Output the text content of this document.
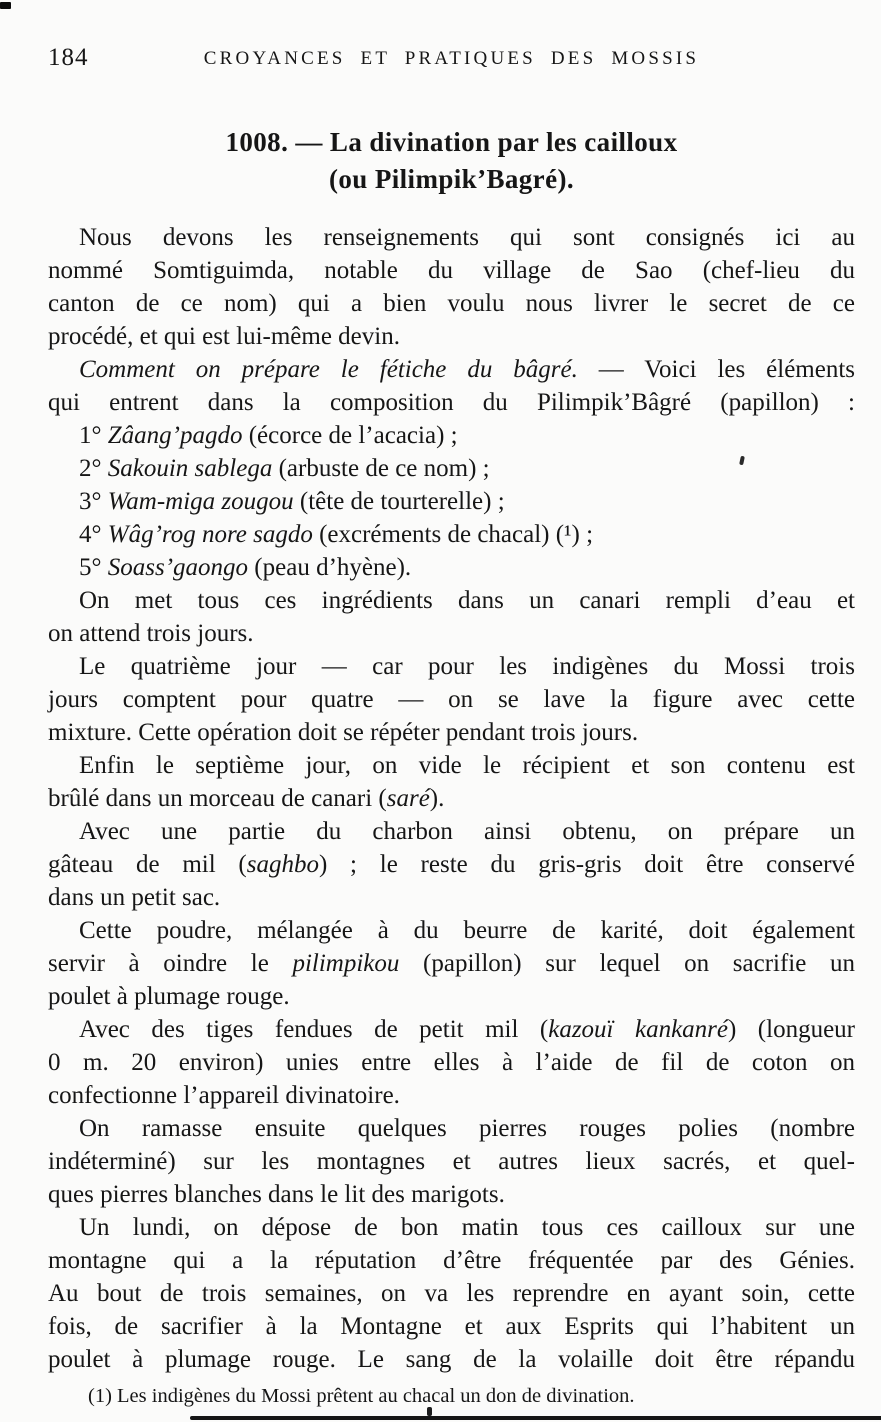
184	CROYANCES ET PRATIQUES DES MOSSIS
1008. — La divination par les cailloux
(ou Pilimpik’Bagré).
Nous devons les renseignements qui sont consignés ici au
nommé Somtiguimda, notable du village de Sao (chef-lieu du
canton de ce nom) qui a bien voulu nous livrer le secret de ce
procédé, et qui est lui-même devin.
Comment on prépare le fétiche du bâgré. — Voici les éléments
qui entrent dans la composition du Pilimpik’Bâgré (papillon) :
1° Zâang’pagdo (écorce de l’acacia) ;
2° Sakouin sablega (arbuste de ce nom) ;
3° Wam-miga zougou (tête de tourterelle) ;
4° Wâg’rog nore sagdo (excréments de chacal) (¹) ;
5° Soass’gaongo (peau d’hyène).
On met tous ces ingrédients dans un canari rempli d’eau et
on attend trois jours.
Le quatrième jour — car pour les indigènes du Mossi trois
jours comptent pour quatre — on se lave la figure avec cette
mixture. Cette opération doit se répéter pendant trois jours.
Enfin le septième jour, on vide le récipient et son contenu est
brûlé dans un morceau de canari (saré).
Avec une partie du charbon ainsi obtenu, on prépare un
gâteau de mil (saghbo) ; le reste du gris-gris doit être conservé
dans un petit sac.
Cette poudre, mélangée à du beurre de karité, doit également
servir à oindre le pilimpikou (papillon) sur lequel on sacrifie un
poulet à plumage rouge.
Avec des tiges fendues de petit mil (kazouï kankanré) (longueur
0 m. 20 environ) unies entre elles à l’aide de fil de coton on
confectionne l’appareil divinatoire.
On ramasse ensuite quelques pierres rouges polies (nombre
indéterminé) sur les montagnes et autres lieux sacrés, et quel-
ques pierres blanches dans le lit des marigots.
Un lundi, on dépose de bon matin tous ces cailloux sur une
montagne qui a la réputation d’être fréquentée par des Génies.
Au bout de trois semaines, on va les reprendre en ayant soin, cette
fois, de sacrifier à la Montagne et aux Esprits qui l’habitent un
poulet à plumage rouge. Le sang de la volaille doit être répandu
(1) Les indigènes du Mossi prêtent au chacal un don de divination.
